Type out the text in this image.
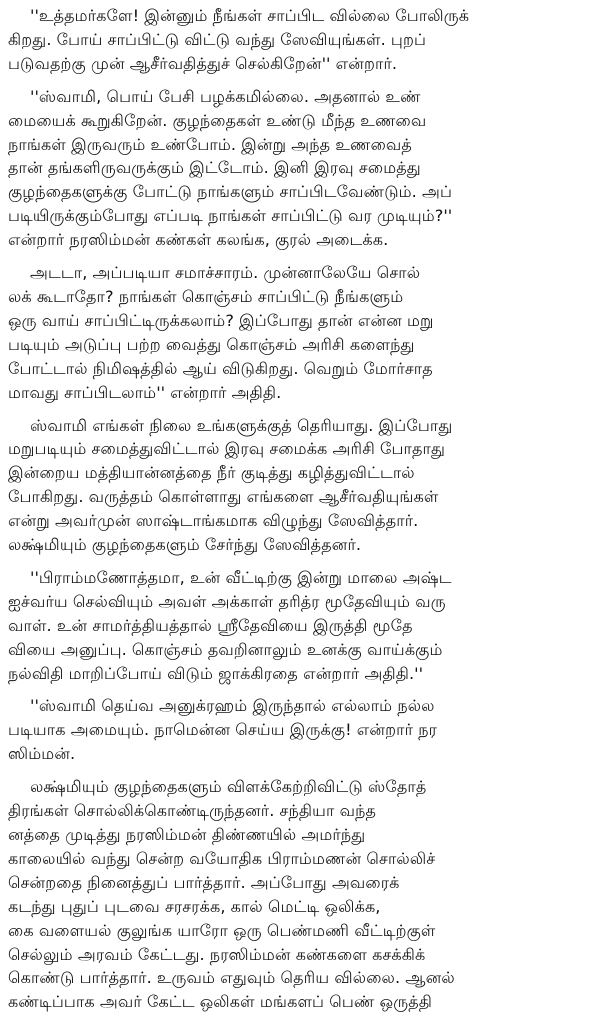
''உத்தமர்களே! இன்னும் நீங்கள் சாப்பிட வில்லை போலிருக்
கிறது. போய் சாப்பிட்டு விட்டு வந்து ஸேவியுங்கள். புறப்
படுவதற்கு முன் ஆசீர்வதித்துச் செல்கிறேன்'' என்றார்.

''ஸ்வாமி, பொய் பேசி பழக்கமில்லை. அதனால் உண்
மையைக் கூறுகிறேன். குழந்தைகள் உண்டு மீந்த உணவை
நாங்கள் இருவரும் உண்போம். இன்று அந்த உணவைத்
தான் தங்களிருவருக்கும் இட்டோம். இனி இரவு சமைத்து
குழந்தைகளுக்கு போட்டு நாங்களும் சாப்பிடவேண்டும். அப்
படியிருக்கும்போது எப்படி நாங்கள் சாப்பிட்டு வர முடியும்?''
என்றார் நரஸிம்மன் கண்கள் கலங்க, குரல் அடைக்க.

அடடா, அப்படியா சமாச்சாரம். முன்னாலேயே சொல்
லக் கூடாதோ? நாங்கள் கொஞ்சம் சாப்பிட்டு நீங்களும்
ஒரு வாய் சாப்பிட்டிருக்கலாம்? இப்போது தான் என்ன மறு
படியும் அடுப்பு பற்ற வைத்து கொஞ்சம் அரிசி களைந்து
போட்டால் நிமிஷத்தில் ஆய் விடுகிறது. வெறும் மோர்சாத
மாவது சாப்பிடலாம்'' என்றார் அதிதி.

ஸ்வாமி எங்கள் நிலை உங்களுக்குத் தெரியாது. இப்போது
மறுபடியும் சமைத்துவிட்டால் இரவு சமைக்க அரிசி போதாது
இன்றைய மத்தியான்னத்தை நீர் குடித்து கழித்துவிட்டால்
போகிறது. வருத்தம் கொள்ளாது எங்களை ஆசீர்வதியுங்கள்
என்று அவர்முன் ஸாஷ்டாங்கமாக விழுந்து ஸேவித்தார்.
லக்ஷ்மியும் குழந்தைகளும் சேர்ந்து ஸேவித்தனர்.

''பிராம்மணோத்தமா, உன் வீட்டிற்கு இன்று மாலை அஷ்ட
ஐச்வர்ய செல்வியும் அவள் அக்காள் தரித்ர மூதேவியும் வரு
வாள். உன் சாமர்த்தியத்தால் ஸ்ரீதேவியை இருத்தி மூதே
வியை அனுப்பு. கொஞ்சம் தவறினாலும் உனக்கு வாய்க்கும்
நல்விதி மாறிப்போய் விடும் ஜாக்கிரதை என்றார் அதிதி.''

''ஸ்வாமி தெய்வ அனுக்ரஹம் இருந்தால் எல்லாம் நல்ல
படியாக அமையும். நாமென்ன செய்ய இருக்கு! என்றார் நர
ஸிம்மன்.

லக்ஷ்மியும் குழந்தைகளும் விளக்கேற்றிவிட்டு ஸ்தோத்
திரங்கள் சொல்லிக்கொண்டிருந்தனர். சந்தியா வந்த
னத்தை முடித்து நரஸிம்மன் திண்ணயில் அமர்ந்து
காலையில் வந்து சென்ற வயோதிக பிராம்மணன் சொல்லிச்
சென்றதை நினைத்துப் பார்த்தார். அப்போது அவரைக்
கடந்து புதுப் புடவை சரசரக்க, கால் மெட்டி ஒலிக்க,
கை வளையல் குலுங்க யாரோ ஒரு பெண்மணி வீட்டிற்குள்
செல்லும் அரவம் கேட்டது. நரஸிம்மன் கண்களை கசக்கிக்
கொண்டு பார்த்தார். உருவம் எதுவும் தெரிய வில்லை. ஆனல்
கண்டிப்பாக அவர் கேட்ட ஒலிகள் மங்களப் பெண் ஒருத்தி
